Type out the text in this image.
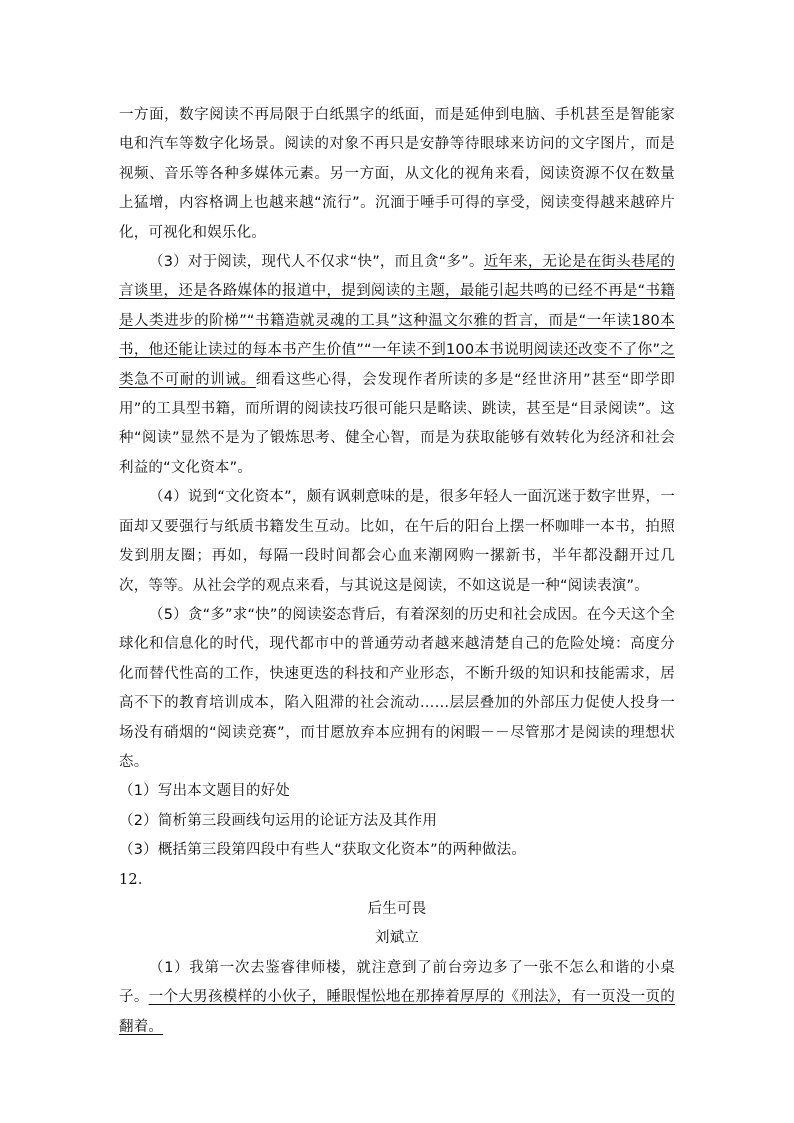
一方面，数字阅读不再局限于白纸黑字的纸面，而是延伸到电脑、手机甚至是智能家电和汽车等数字化场景。阅读的对象不再只是安静等待眼球来访问的文字图片，而是视频、音乐等各种多媒体元素。另一方面，从文化的视角来看，阅读资源不仅在数量上猛增，内容格调上也越来越“流行”。沉湎于唾手可得的享受，阅读变得越来越碎片化，可视化和娱乐化。

（3）对于阅读，现代人不仅求“快”，而且贪“多”。近年来，无论是在街头巷尾的言谈里，还是各路媒体的报道中，提到阅读的主题，最能引起共鸣的已经不再是“书籍是人类进步的阶梯”“书籍造就灵魂的工具”这种温文尔雅的哲言，而是“一年读180本书，他还能让读过的每本书产生价值”“一年读不到100本书说明阅读还改变不了你”之类急不可耐的训诫。细看这些心得，会发现作者所读的多是“经世济用”甚至“即学即用”的工具型书籍，而所谓的阅读技巧很可能只是略读、跳读，甚至是“目录阅读”。这种“阅读”显然不是为了锻炼思考、健全心智，而是为获取能够有效转化为经济和社会利益的“文化资本”。

（4）说到“文化资本”，颇有讽刺意味的是，很多年轻人一面沉迷于数字世界，一面却又要强行与纸质书籍发生互动。比如，在午后的阳台上摆一杯咖啡一本书，拍照发到朋友圈；再如，每隔一段时间都会心血来潮网购一摞新书，半年都没翻开过几次，等等。从社会学的观点来看，与其说这是阅读，不如这说是一种“阅读表演”。

（5）贪“多”求“快”的阅读姿态背后，有着深刻的历史和社会成因。在今天这个全球化和信息化的时代，现代都市中的普通劳动者越来越清楚自己的危险处境：高度分化而替代性高的工作，快速更迭的科技和产业形态，不断升级的知识和技能需求，居高不下的教育培训成本，陷入阻滞的社会流动……层层叠加的外部压力促使人投身一场没有硝烟的“阅读竞赛”，而甘愿放弃本应拥有的闲暇－－尽管那才是阅读的理想状态。

（1）写出本文题目的好处

（2）简析第三段画线句运用的论证方法及其作用

（3）概括第三段第四段中有些人“获取文化资本”的两种做法。

12．

后生可畏

刘斌立

（1）我第一次去鉴睿律师楼，就注意到了前台旁边多了一张不怎么和谐的小桌子。一个大男孩模样的小伙子，睡眼惺忪地在那捧着厚厚的《刑法》，有一页没一页的翻着。
